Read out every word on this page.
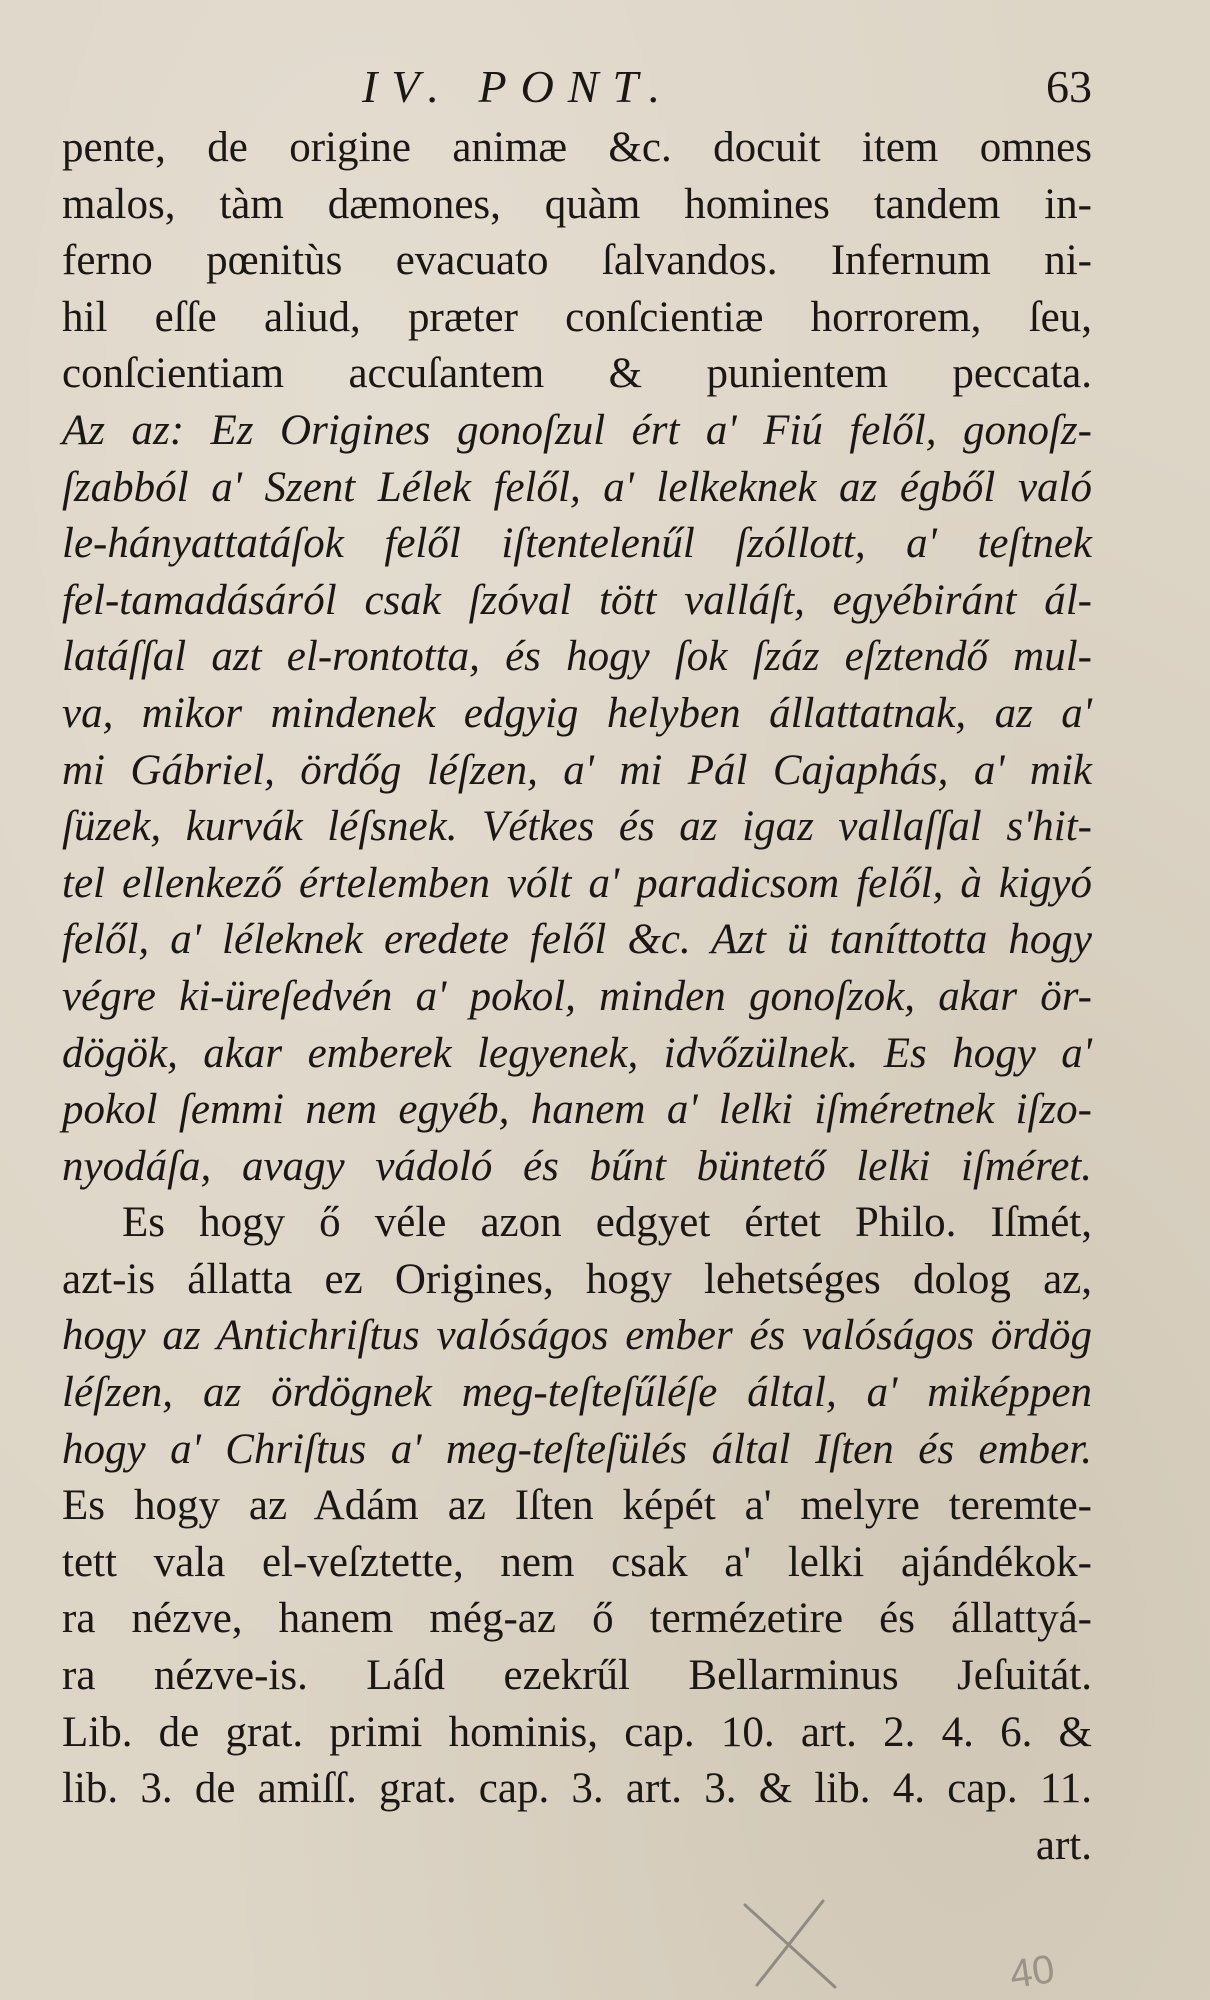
IV. PONT.	63
pente, de origine animæ &c. docuit item omnes
malos, tàm dæmones, quàm homines tandem in-
ferno pœnitùs evacuato ſalvandos. Infernum ni-
hil eſſe aliud, præter conſcientiæ horrorem, ſeu,
conſcientiam accuſantem & punientem peccata.
Az az: Ez Origines gonoſzul ért a' Fiú felől, gonoſz-
ſzabból a' Szent Lélek felől, a' lelkeknek az égből való
le-hányattatáſok felől iſtentelenűl ſzóllott, a' teſtnek
fel-tamadásáról csak ſzóval tött valláſt, egyébiránt ál-
latáſſal azt el-rontotta, és hogy ſok ſzáz eſztendő mul-
va, mikor mindenek edgyig helyben állattatnak, az a'
mi Gábriel, ördőg léſzen, a' mi Pál Cajaphás, a' mik
ſüzek, kurvák léſsnek. Vétkes és az igaz vallaſſal s'hit-
tel ellenkező értelemben vólt a' paradicsom felől, à kigyó
felől, a' léleknek eredete felől &c. Azt ü taníttotta hogy
végre ki-üreſedvén a' pokol, minden gonoſzok, akar ör-
dögök, akar emberek legyenek, idvőzülnek. Es hogy a'
pokol ſemmi nem egyéb, hanem a' lelki iſméretnek iſzo-
nyodáſa, avagy vádoló és bűnt büntető lelki iſméret.
Es hogy ő véle azon edgyet értet Philo. Iſmét,
azt-is állatta ez Origines, hogy lehetséges dolog az,
hogy az Antichriſtus valóságos ember és valóságos ördög
léſzen, az ördögnek meg-teſteſűléſe által, a' miképpen
hogy a' Chriſtus a' meg-teſteſülés által Iſten és ember.
Es hogy az Adám az Iſten képét a' melyre teremte-
tett vala el-veſztette, nem csak a' lelki ajándékok-
ra nézve, hanem még-az ő termézetire és állattyá-
ra nézve-is. Láſd ezekrűl Bellarminus Jeſuitát.
Lib. de grat. primi hominis, cap. 10. art. 2. 4. 6. &
lib. 3. de amiſſ. grat. cap. 3. art. 3. & lib. 4. cap. 11.
art.
40
